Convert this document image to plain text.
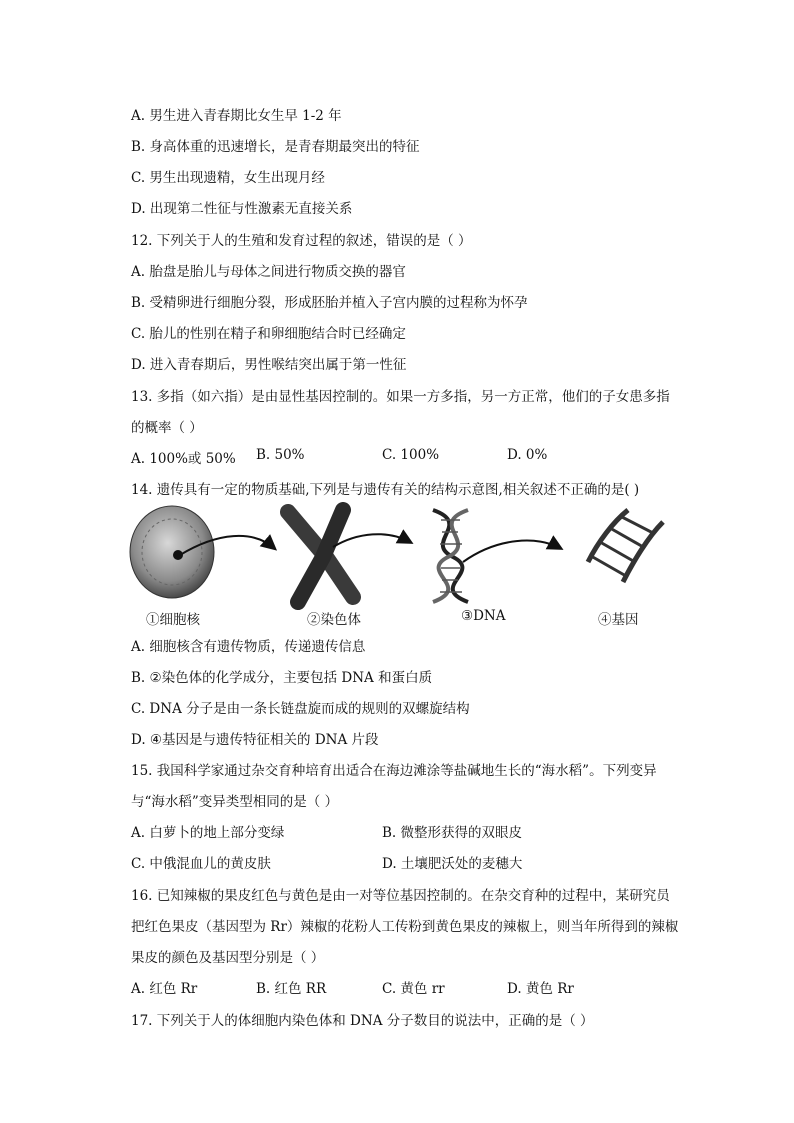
A. 男生进入青春期比女生早 1-2 年
B. 身高体重的迅速增长，是青春期最突出的特征
C. 男生出现遗精，女生出现月经
D. 出现第二性征与性激素无直接关系
12. 下列关于人的生殖和发育过程的叙述，错误的是（ ）
A. 胎盘是胎儿与母体之间进行物质交换的器官
B. 受精卵进行细胞分裂，形成胚胎并植入子宫内膜的过程称为怀孕
C. 胎儿的性别在精子和卵细胞结合时已经确定
D. 进入青春期后，男性喉结突出属于第一性征
13. 多指（如六指）是由显性基因控制的。如果一方多指，另一方正常，他们的子女患多指
的概率（ ）
A. 100%或 50% B. 50%	C. 100%	D. 0%
14. 遗传具有一定的物质基础,下列是与遗传有关的结构示意图,相关叙述不正确的是( )
①细胞核	②染色体	③DNA	④基因
A. 细胞核含有遗传物质，传递遗传信息
B. ②染色体的化学成分，主要包括 DNA 和蛋白质
C. DNA 分子是由一条长链盘旋而成的规则的双螺旋结构
D. ④基因是与遗传特征相关的 DNA 片段
15. 我国科学家通过杂交育种培育出适合在海边滩涂等盐碱地生长的“海水稻”。下列变异
与“海水稻”变异类型相同的是（ ）
A. 白萝卜的地上部分变绿	B. 微整形获得的双眼皮
C. 中俄混血儿的黄皮肤	D. 土壤肥沃处的麦穗大
16. 已知辣椒的果皮红色与黄色是由一对等位基因控制的。在杂交育种的过程中，某研究员
把红色果皮（基因型为 Rr）辣椒的花粉人工传粉到黄色果皮的辣椒上，则当年所得到的辣椒
果皮的颜色及基因型分别是（ ）
A. 红色 Rr	B. 红色 RR	C. 黄色 rr	D. 黄色 Rr
17. 下列关于人的体细胞内染色体和 DNA 分子数目的说法中，正确的是（ ）
